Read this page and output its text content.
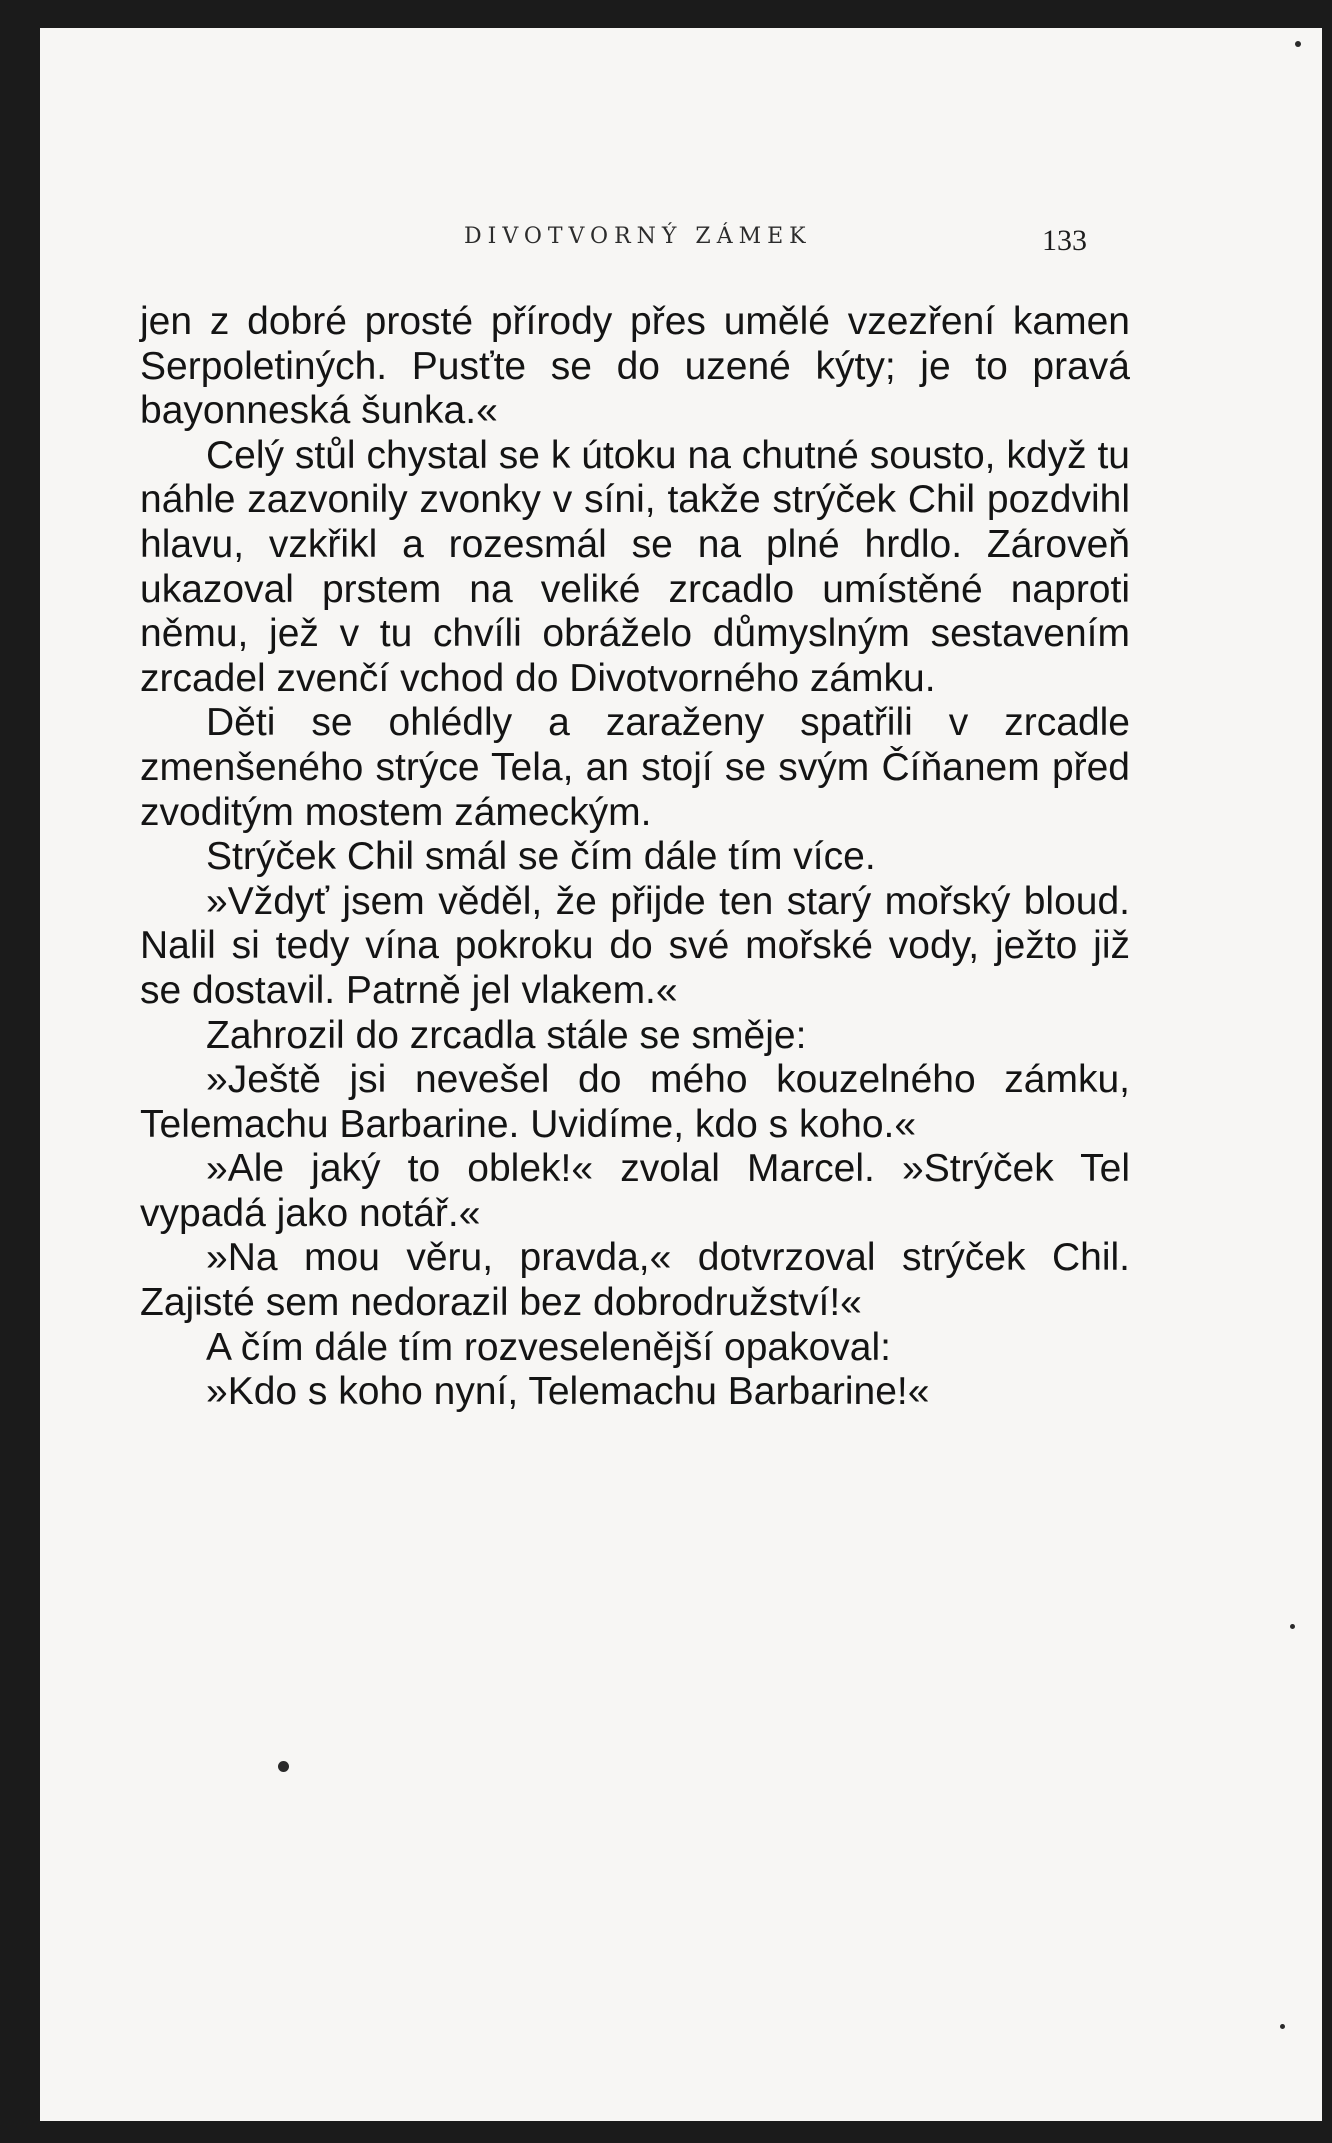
DIVOTVORNÝ ZÁMEK	133

jen z dobré prosté přírody přes umělé vzezření kamen Serpoletiných. Pusťte se do uzené kýty; je to pravá bayonneská šunka.«

Celý stůl chystal se k útoku na chutné sousto, když tu náhle zazvonily zvonky v síni, takže strýček Chil pozdvihl hlavu, vzkřikl a rozesmál se na plné hrdlo. Zároveň ukazoval prstem na veliké zrcadlo umístěné naproti němu, jež v tu chvíli obráželo důmyslným sestavením zrcadel zvenčí vchod do Divotvorného zámku.

Děti se ohlédly a zaraženy spatřili v zrcadle zmenšeného strýce Tela, an stojí se svým Číňanem před zvoditým mostem zámeckým.

Strýček Chil smál se čím dále tím více.

»Vždyť jsem věděl, že přijde ten starý mořský bloud. Nalil si tedy vína pokroku do své mořské vody, ježto již se dostavil. Patrně jel vlakem.«

Zahrozil do zrcadla stále se směje:

»Ještě jsi nevešel do mého kouzelného zámku, Telemachu Barbarine. Uvidíme, kdo s koho.«

»Ale jaký to oblek!« zvolal Marcel. »Strýček Tel vypadá jako notář.«

»Na mou věru, pravda,« dotvrzoval strýček Chil. Zajisté sem nedorazil bez dobrodružství!«

A čím dále tím rozveselenější opakoval:

»Kdo s koho nyní, Telemachu Barbarine!«
